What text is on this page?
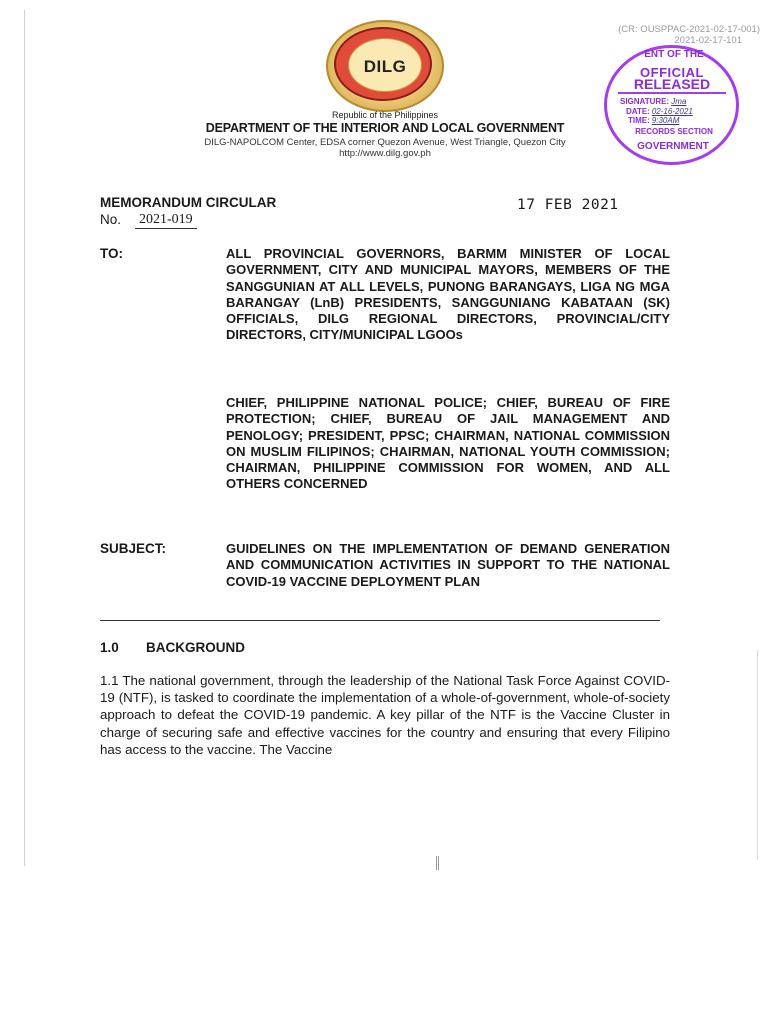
DILG
Republic of the Philippines
DEPARTMENT OF THE INTERIOR AND LOCAL GOVERNMENT
DILG-NAPOLCOM Center, EDSA corner Quezon Avenue, West Triangle, Quezon City
http://www.dilg.gov.ph
(CR: OUSPPAC-2021-02-17-001)
2021-02-17-101
ENT OF THE
OFFICIAL
RELEASED
SIGNATURE: Jma
DATE: 02-16-2021
TIME: 9:30AM
RECORDS SECTION
GOVERNMENT
MEMORANDUM CIRCULAR
No. 2021-019
17 FEB 2021
TO:	ALL PROVINCIAL GOVERNORS, BARMM MINISTER OF LOCAL GOVERNMENT, CITY AND MUNICIPAL MAYORS, MEMBERS OF THE SANGGUNIAN AT ALL LEVELS, PUNONG BARANGAYS, LIGA NG MGA BARANGAY (LnB) PRESIDENTS, SANGGUNIANG KABATAAN (SK) OFFICIALS, DILG REGIONAL DIRECTORS, PROVINCIAL/CITY DIRECTORS, CITY/MUNICIPAL LGOOs
CHIEF, PHILIPPINE NATIONAL POLICE; CHIEF, BUREAU OF FIRE PROTECTION; CHIEF, BUREAU OF JAIL MANAGEMENT AND PENOLOGY; PRESIDENT, PPSC; CHAIRMAN, NATIONAL COMMISSION ON MUSLIM FILIPINOS; CHAIRMAN, NATIONAL YOUTH COMMISSION; CHAIRMAN, PHILIPPINE COMMISSION FOR WOMEN, AND ALL OTHERS CONCERNED
SUBJECT:	GUIDELINES ON THE IMPLEMENTATION OF DEMAND GENERATION AND COMMUNICATION ACTIVITIES IN SUPPORT TO THE NATIONAL COVID-19 VACCINE DEPLOYMENT PLAN
1.0 BACKGROUND
1.1 The national government, through the leadership of the National Task Force Against COVID-19 (NTF), is tasked to coordinate the implementation of a whole-of-government, whole-of-society approach to defeat the COVID-19 pandemic. A key pillar of the NTF is the Vaccine Cluster in charge of securing safe and effective vaccines for the country and ensuring that every Filipino has access to the vaccine. The Vaccine
